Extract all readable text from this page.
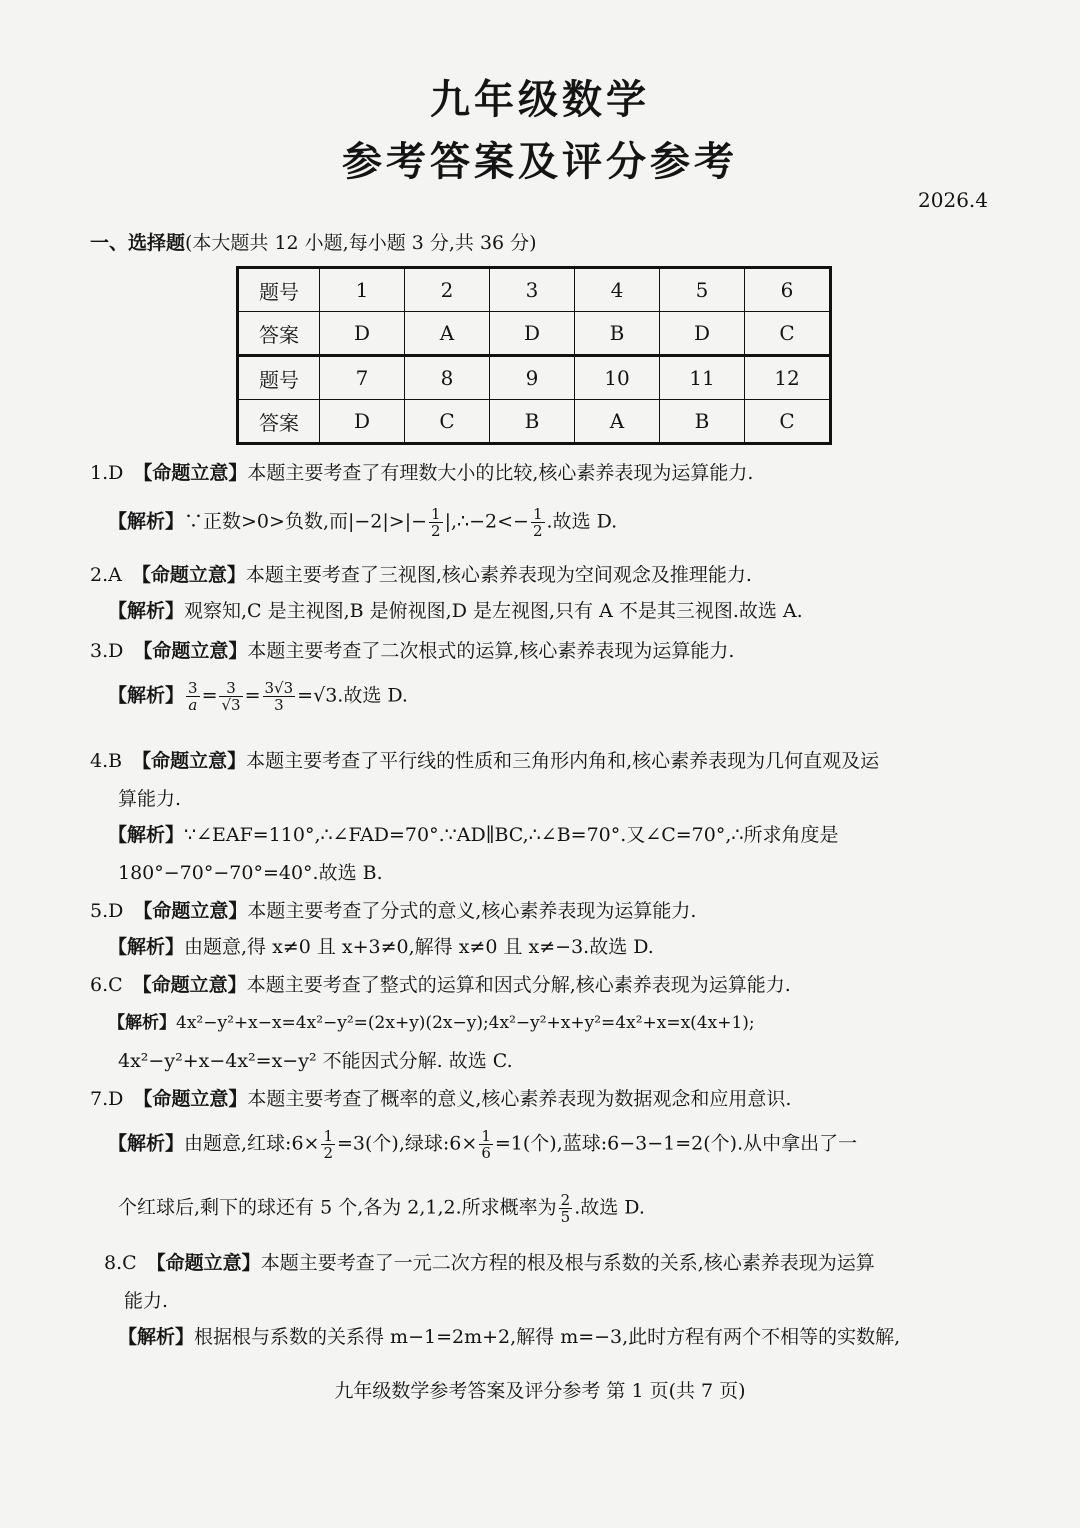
九年级数学
参考答案及评分参考
2026.4
一、选择题(本大题共 12 小题,每小题 3 分,共 36 分)
题号	1	2	3	4	5	6
答案	D	A	D	B	D	C
题号	7	8	9	10	11	12
答案	D	C	B	A	B	C
1.D 【命题立意】本题主要考查了有理数大小的比较,核心素养表现为运算能力.
【解析】∵正数>0>负数,而$|-2|>|- \frac{1}{2}$ |,∴−2<− $\frac{1}{2}$ .故选 D.
2.A 【命题立意】本题主要考查了三视图,核心素养表现为空间观念及推理能力.
【解析】观察知,C 是主视图,B 是俯视图,D 是左视图,只有 A 不是其三视图.故选 A.
3.D 【命题立意】本题主要考查了二次根式的运算,核心素养表现为运算能力.
【解析】 $\frac{3}{a} = \frac{3}{√3} = \frac{3√3}{3} =√3$.故选 D.
4.B 【命题立意】本题主要考查了平行线的性质和三角形内角和,核心素养表现为几何直观及运
算能力.
【解析】∵∠EAF=110°,∴∠FAD=70°.∵AD∥BC,∴∠B=70°.又∠C=70°,∴所求角度是
180°−70°−70°=40°.故选 B.
5.D 【命题立意】本题主要考查了分式的意义,核心素养表现为运算能力.
【解析】由题意,得 x≠0 且 x+3≠0,解得 x≠0 且 x≠−3.故选 D.
6.C 【命题立意】本题主要考查了整式的运算和因式分解,核心素养表现为运算能力.
【解析】4x²−y²+x−x=4x²−y²=(2x+y)(2x−y);4x²−y²+x+y²=4x²+x=x(4x+1);
4x²−y²+x−4x²=x−y² 不能因式分解. 故选 C.
7.D 【命题立意】本题主要考查了概率的意义,核心素养表现为数据观念和应用意识.
【解析】由题意,红球:6× $\frac{1}{2} =3$(个),绿球:6× $\frac{1}{6} =1$(个),蓝球:6−3−1=2(个).从中拿出了一
个红球后,剩下的球还有 5 个,各为 2,1,2.所求概率为 $\frac{2}{5}$ .故选 D.
8.C 【命题立意】本题主要考查了一元二次方程的根及根与系数的关系,核心素养表现为运算
能力.
【解析】根据根与系数的关系得 m−1=2m+2,解得 m=−3,此时方程有两个不相等的实数解,
九年级数学参考答案及评分参考 第 1 页(共 7 页)
